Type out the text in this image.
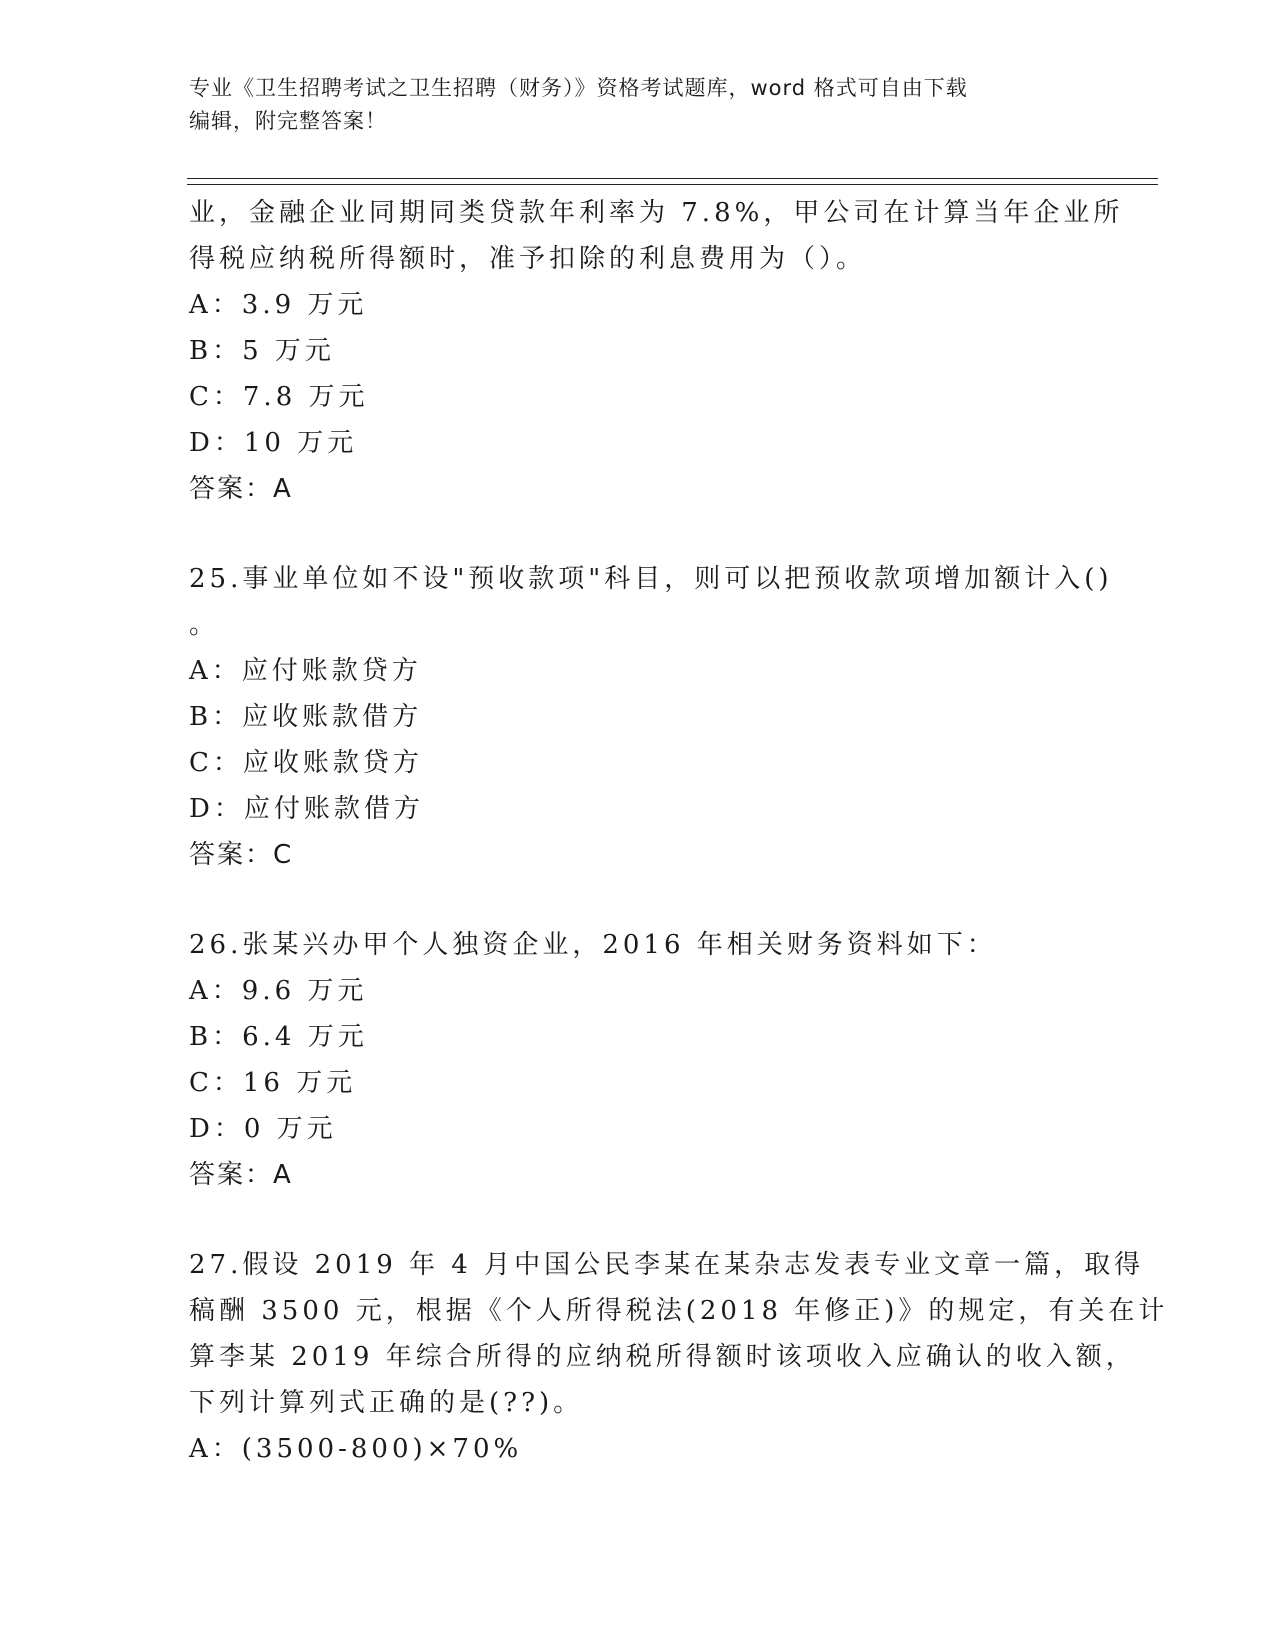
专业《卫生招聘考试之卫生招聘（财务）》资格考试题库，word 格式可自由下载
编辑，附完整答案！
业，金融企业同期同类贷款年利率为 7.8%，甲公司在计算当年企业所
得税应纳税所得额时，准予扣除的利息费用为（）。
A：3.9 万元
B：5 万元
C：7.8 万元
D：10 万元
答案：A
25.事业单位如不设"预收款项"科目，则可以把预收款项增加额计入()
。
A：应付账款贷方
B：应收账款借方
C：应收账款贷方
D：应付账款借方
答案：C
26.张某兴办甲个人独资企业，2016 年相关财务资料如下：
A：9.6 万元
B：6.4 万元
C：16 万元
D：0 万元
答案：A
27.假设 2019 年 4 月中国公民李某在某杂志发表专业文章一篇，取得
稿酬 3500 元，根据《个人所得税法(2018 年修正)》的规定，有关在计
算李某 2019 年综合所得的应纳税所得额时该项收入应确认的收入额，
下列计算列式正确的是(??)。
A：(3500-800)×70%
